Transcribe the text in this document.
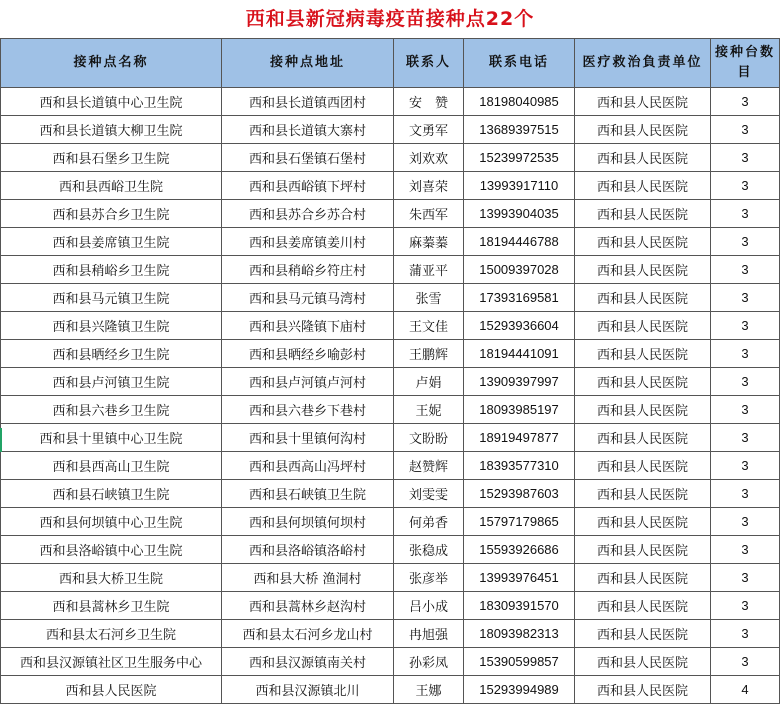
西和县新冠病毒疫苗接种点22个
接种点名称	接种点地址	联系人	联系电话	医疗救治負责单位	接种台数目
西和县长道镇中心卫生院	西和县长道镇西团村	安　赞	18198040985	西和县人民医院	3
西和县长道镇大柳卫生院	西和县长道镇大寨村	文勇军	13689397515	西和县人民医院	3
西和县石堡乡卫生院	西和县石堡镇石堡村	刘欢欢	15239972535	西和县人民医院	3
西和县西峪卫生院	西和县西峪镇下坪村	刘喜荣	13993917110	西和县人民医院	3
西和县苏合乡卫生院	西和县苏合乡苏合村	朱西军	13993904035	西和县人民医院	3
西和县姜席镇卫生院	西和县姜席镇姜川村	麻蓁蓁	18194446788	西和县人民医院	3
西和县稍峪乡卫生院	西和县稍峪乡符庄村	蒲亚平	15009397028	西和县人民医院	3
西和县马元镇卫生院	西和县马元镇马湾村	张雪	17393169581	西和县人民医院	3
西和县兴隆镇卫生院	西和县兴隆镇下庙村	王文佳	15293936604	西和县人民医院	3
西和县晒经乡卫生院	西和县晒经乡喻彭村	王鹏辉	18194441091	西和县人民医院	3
西和县卢河镇卫生院	西和县卢河镇卢河村	卢娟	13909397997	西和县人民医院	3
西和县六巷乡卫生院	西和县六巷乡下巷村	王妮	18093985197	西和县人民医院	3
西和县十里镇中心卫生院	西和县十里镇何沟村	文盼盼	18919497877	西和县人民医院	3
西和县西高山卫生院	西和县西高山冯坪村	赵赞辉	18393577310	西和县人民医院	3
西和县石峡镇卫生院	西和县石峡镇卫生院	刘雯雯	15293987603	西和县人民医院	3
西和县何坝镇中心卫生院	西和县何坝镇何坝村	何弟香	15797179865	西和县人民医院	3
西和县洛峪镇中心卫生院	西和县洛峪镇洛峪村	张稳成	15593926686	西和县人民医院	3
西和县大桥卫生院	西和县大桥 渔洞村	张彦举	13993976451	西和县人民医院	3
西和县蒿林乡卫生院	西和县蒿林乡赵沟村	吕小成	18309391570	西和县人民医院	3
西和县太石河乡卫生院	西和县太石河乡龙山村	冉旭强	18093982313	西和县人民医院	3
西和县汉源镇社区卫生服务中心	西和县汉源镇南关村	孙彩凤	15390599857	西和县人民医院	3
西和县人民医院	西和县汉源镇北川	王娜	15293994989	西和县人民医院	4
